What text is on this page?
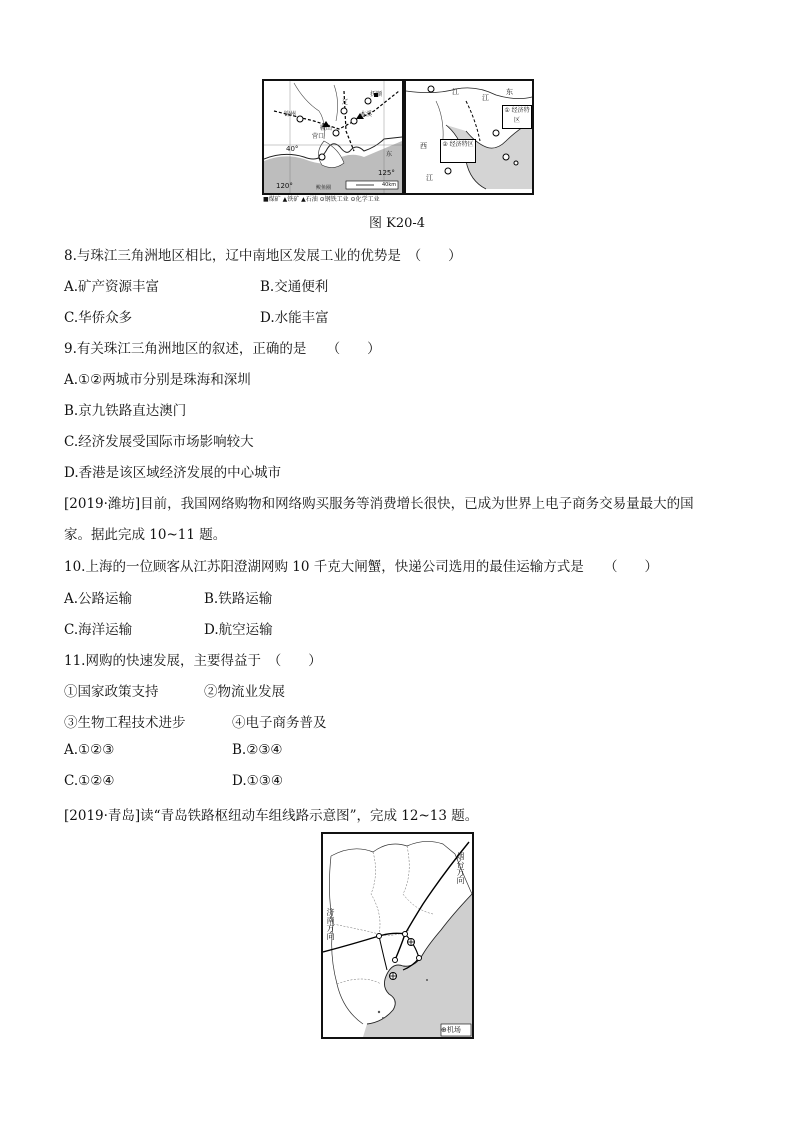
锦州
鞍山
营口
本溪
抚顺
辽
东
40°
120°
125°
鲅鱼圈	40km
① 经济特区
② 经济特区
江
江
东
西
江
■煤矿 ▲铁矿 ▲石油 ⊙钢铁工业 ⊙化学工业
图 K20-4
8.与珠江三角洲地区相比，辽中南地区发展工业的优势是　（　　）
A.矿产资源丰富	B.交通便利
C.华侨众多	D.水能丰富
9.有关珠江三角洲地区的叙述，正确的是　　（　　）
A.①②两城市分别是珠海和深圳
B.京九铁路直达澳门
C.经济发展受国际市场影响较大
D.香港是该区域经济发展的中心城市
[2019·潍坊]目前，我国网络购物和网络购买服务等消费增长很快，已成为世界上电子商务交易量最大的国
家。据此完成 10~11 题。
10.上海的一位顾客从江苏阳澄湖网购 10 千克大闸蟹，快递公司选用的最佳运输方式是　　（　　）
A.公路运输	B.铁路运输
C.海洋运输	D.航空运输
11.网购的快速发展，主要得益于　（　　）
①国家政策支持	②物流业发展
③生物工程技术进步	④电子商务普及
A.①②③	B.②③④
C.①②④	D.①③④
[2019·青岛]读“青岛铁路枢纽动车组线路示意图”，完成 12~13 题。
烟台方向
济南方向
⊕机场
